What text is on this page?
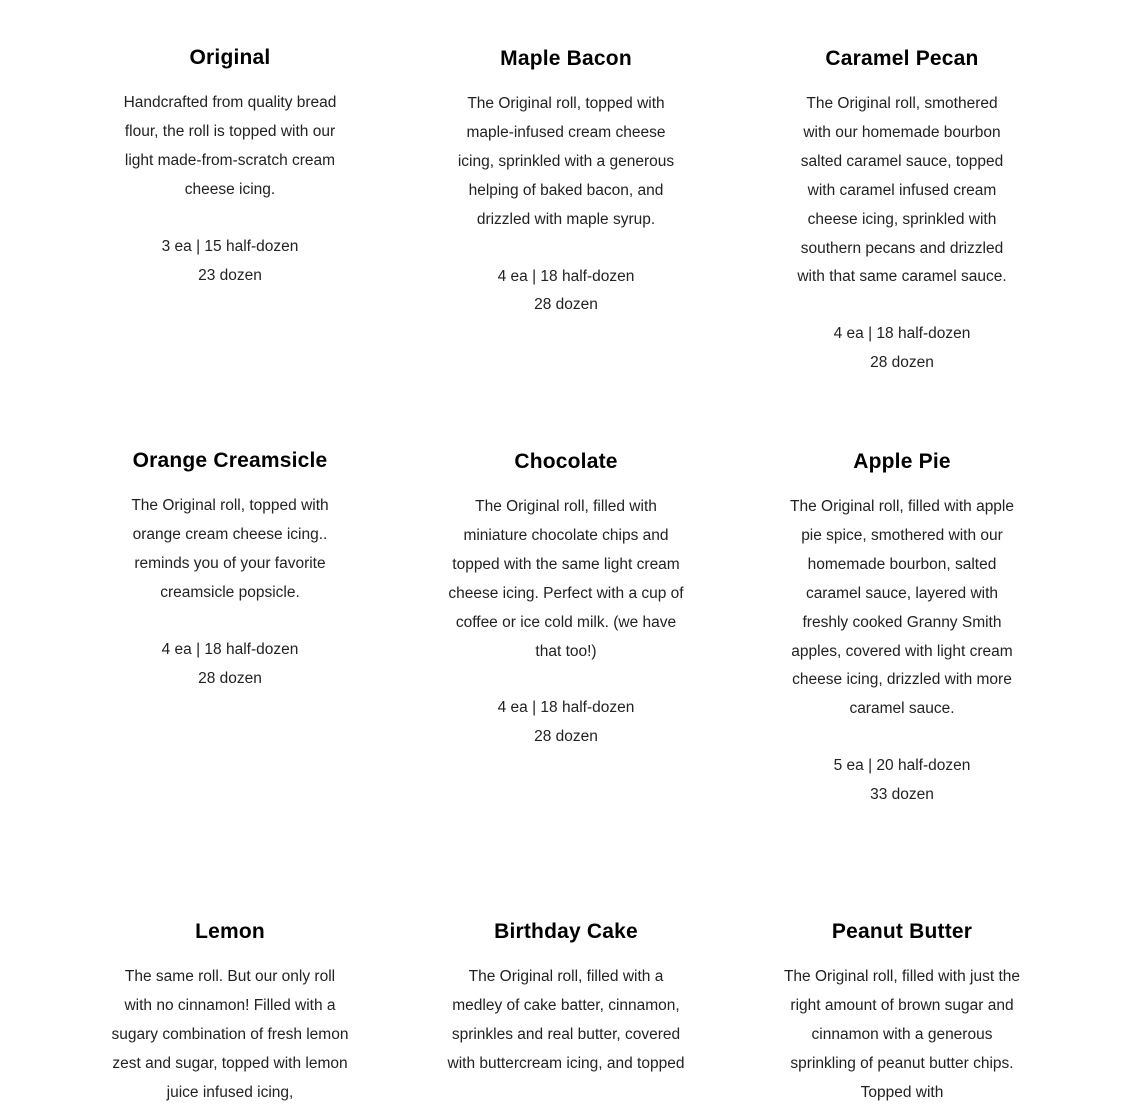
Original

Handcrafted from quality bread flour, the roll is topped with our light made-from-scratch cream cheese icing.

3 ea | 15 half-dozen
23 dozen

Maple Bacon

The Original roll, topped with maple-infused cream cheese icing, sprinkled with a generous helping of baked bacon, and drizzled with maple syrup.

4 ea | 18 half-dozen
28 dozen

Caramel Pecan

The Original roll, smothered with our homemade bourbon salted caramel sauce, topped with caramel infused cream cheese icing, sprinkled with southern pecans and drizzled with that same caramel sauce.

4 ea | 18 half-dozen
28 dozen

Orange Creamsicle

The Original roll, topped with orange cream cheese icing.. reminds you of your favorite creamsicle popsicle.

4 ea | 18 half-dozen
28 dozen

Chocolate

The Original roll, filled with miniature chocolate chips and topped with the same light cream cheese icing. Perfect with a cup of coffee or ice cold milk. (we have that too!)

4 ea | 18 half-dozen
28 dozen

Apple Pie

The Original roll, filled with apple pie spice, smothered with our homemade bourbon, salted caramel sauce, layered with freshly cooked Granny Smith apples, covered with light cream cheese icing, drizzled with more caramel sauce.

5 ea | 20 half-dozen
33 dozen

Lemon

The same roll. But our only roll with no cinnamon! Filled with a sugary combination of fresh lemon zest and sugar, topped with lemon juice infused icing,

Birthday Cake

The Original roll, filled with a medley of cake batter, cinnamon, sprinkles and real butter, covered with buttercream icing, and topped

Peanut Butter

The Original roll, filled with just the right amount of brown sugar and cinnamon with a generous sprinkling of peanut butter chips. Topped with
